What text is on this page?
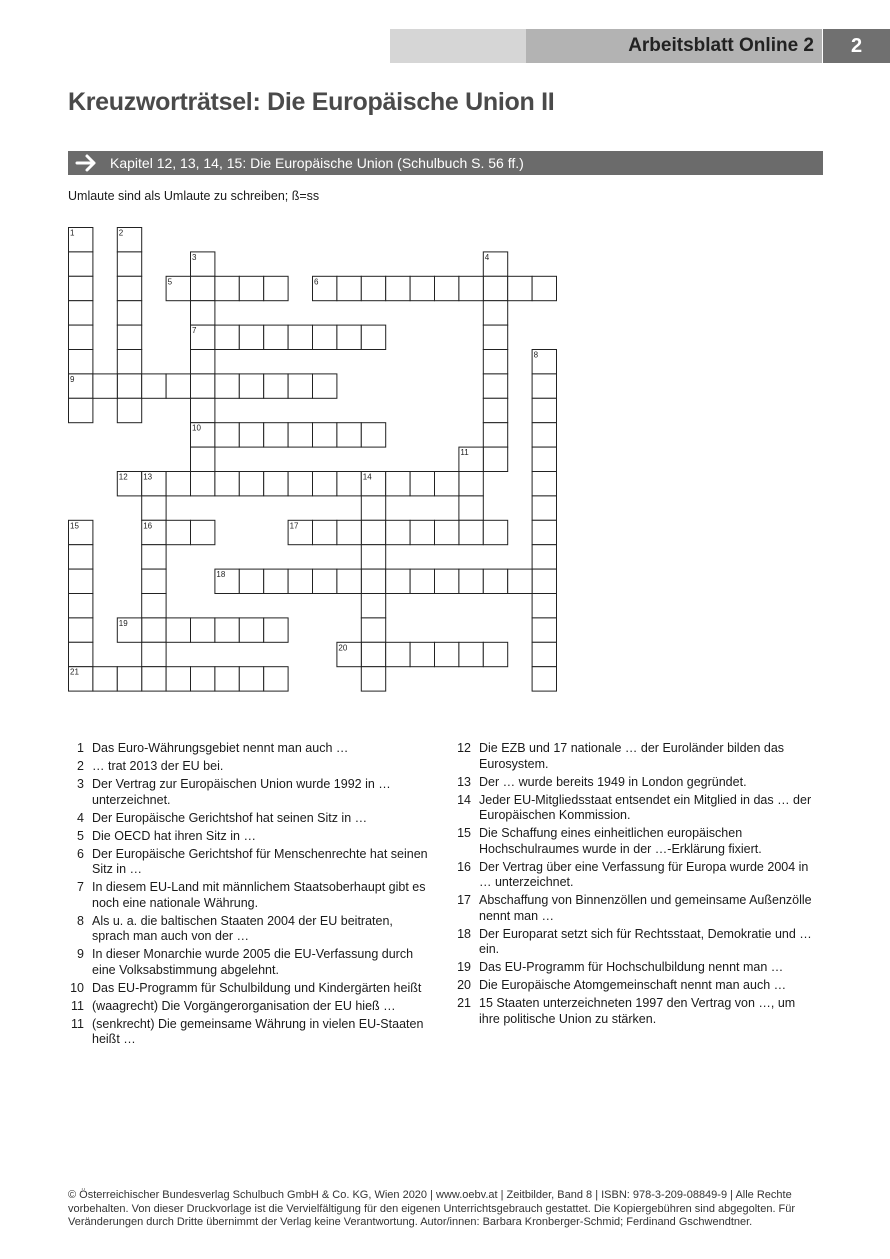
Arbeitsblatt Online 2	2
Kreuzworträtsel: Die Europäische Union II
Kapitel 12, 13, 14, 15: Die Europäische Union (Schulbuch S. 56 ff.)
Umlaute sind als Umlaute zu schreiben; ß=ss
1	2
3	4
5	6
7
8
9
10
11
12 13	14
15	16	17
18
19
20
21
1 Das Euro-Währungsgebiet nennt man auch …
2 … trat 2013 der EU bei.
3 Der Vertrag zur Europäischen Union wurde 1992 in … unterzeichnet.
4 Der Europäische Gerichtshof hat seinen Sitz in …
5 Die OECD hat ihren Sitz in …
6 Der Europäische Gerichtshof für Menschenrechte hat seinen Sitz in …
7 In diesem EU-Land mit männlichem Staatsoberhaupt gibt es noch eine nationale Währung.
8 Als u. a. die baltischen Staaten 2004 der EU beitraten, sprach man auch von der …
9 In dieser Monarchie wurde 2005 die EU-Verfassung durch eine Volksabstimmung abgelehnt.
10 Das EU-Programm für Schulbildung und Kindergärten heißt
11 (waagrecht) Die Vorgängerorganisation der EU hieß …
11 (senkrecht) Die gemeinsame Währung in vielen EU-Staaten heißt …
12 Die EZB und 17 nationale … der Euroländer bilden das Eurosystem.
13 Der … wurde bereits 1949 in London gegründet.
14 Jeder EU-Mitgliedsstaat entsendet ein Mitglied in das … der Europäischen Kommission.
15 Die Schaffung eines einheitlichen europäischen Hochschulraumes wurde in der …-Erklärung fixiert.
16 Der Vertrag über eine Verfassung für Europa wurde 2004 in … unterzeichnet.
17 Abschaffung von Binnenzöllen und gemeinsame Außenzölle nennt man …
18 Der Europarat setzt sich für Rechtsstaat, Demokratie und … ein.
19 Das EU-Programm für Hochschulbildung nennt man …
20 Die Europäische Atomgemeinschaft nennt man auch …
21 15 Staaten unterzeichneten 1997 den Vertrag von …, um ihre politische Union zu stärken.
© Österreichischer Bundesverlag Schulbuch GmbH & Co. KG, Wien 2020 | www.oebv.at | Zeitbilder, Band 8 | ISBN: 978-3-209-08849-9 | Alle Rechte vorbehalten. Von dieser Druckvorlage ist die Vervielfältigung für den eigenen Unterrichtsgebrauch gestattet. Die Kopiergebühren sind abgegolten. Für Veränderungen durch Dritte übernimmt der Verlag keine Verantwortung. Autor/innen: Barbara Kronberger-Schmid; Ferdinand Gschwendtner.
